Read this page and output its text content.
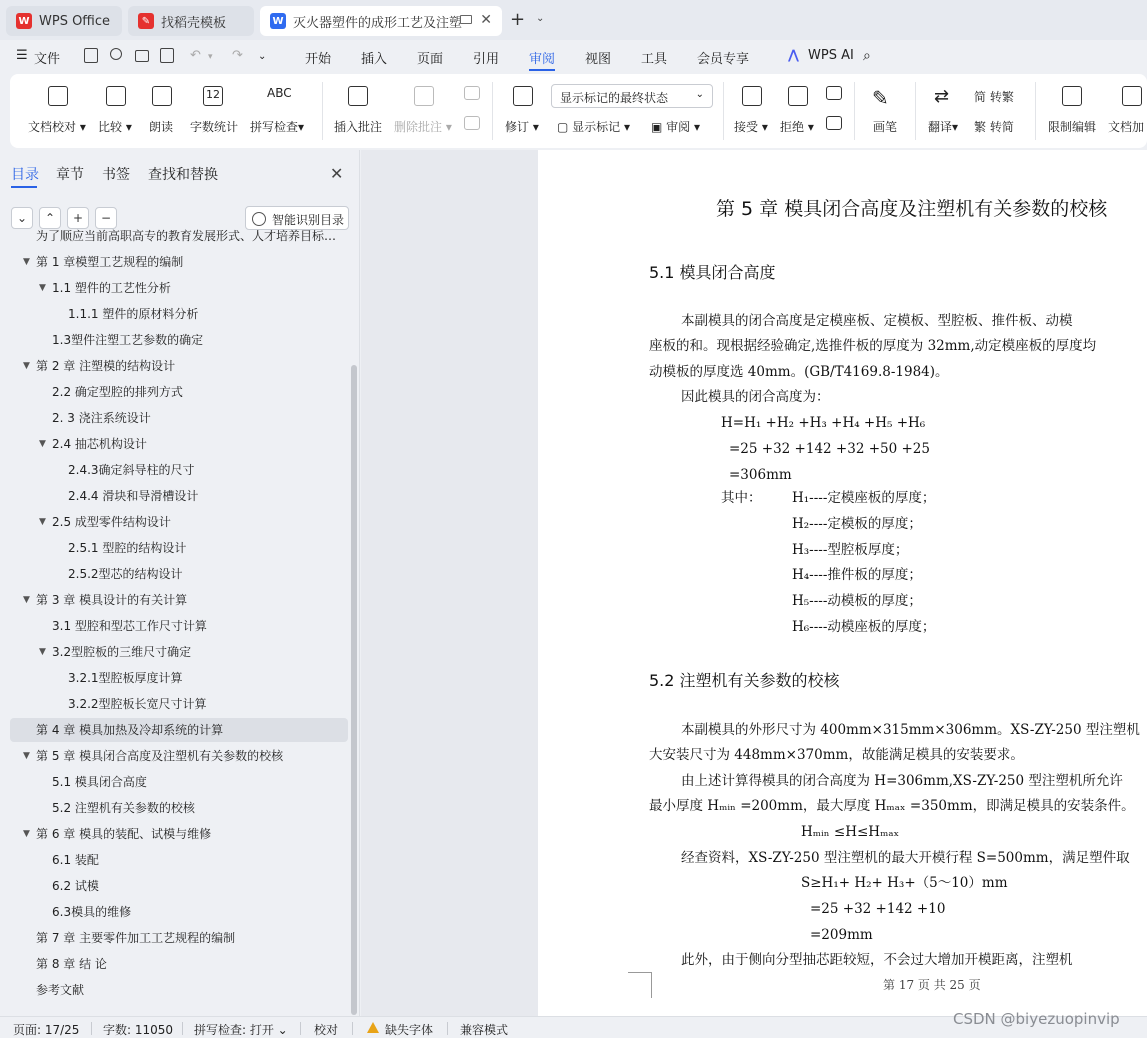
W WPS Office	✎ 找稻壳模板	W 灭火器塑件的成形工艺及注塑 ✕ + ⌄
☰ 文件	↶ ▾ ↷ ⌄	开始 插入 页面 引用 审阅 视图 工具 会员专享	⋀ WPS AI ⌕
文档校对 ▾ 比较 ▾ 朗读
12
字数统计
ABC
拼写检查▾ 插入批注 删除批注 ▾	修订 ▾
显示标记的最终状态	⌄
▢ 显示标记 ▾ ▣ 审阅 ▾	接受 ▾ 拒绝 ▾
✎
画笔
⇄
翻译▾
简 转繁
繁 转简	限制编辑 文档加
目录 章节 书签 查找和替换	✕
⌄	⌃	+	−	智能识别目录
为了顺应当前高职高专的教育发展形式、人才培养目标…
▼ 第 1 章模塑工艺规程的编制
▼ 1.1 塑件的工艺性分析
1.1.1 塑件的原材料分析
1.3塑件注塑工艺参数的确定
▼ 第 2 章 注塑模的结构设计
2.2 确定型腔的排列方式
2. 3 浇注系统设计
▼ 2.4 抽芯机构设计
2.4.3确定斜导柱的尺寸
2.4.4 滑块和导滑槽设计
▼ 2.5 成型零件结构设计
2.5.1 型腔的结构设计
2.5.2型芯的结构设计
▼ 第 3 章 模具设计的有关计算
3.1 型腔和型芯工作尺寸计算
▼ 3.2型腔板的三维尺寸确定
3.2.1型腔板厚度计算
3.2.2型腔板长宽尺寸计算
第 4 章 模具加热及冷却系统的计算
▼ 第 5 章 模具闭合高度及注塑机有关参数的校核
5.1 模具闭合高度
5.2 注塑机有关参数的校核
▼ 第 6 章 模具的装配、试模与维修
6.1 装配
6.2 试模
6.3模具的维修
第 7 章 主要零件加工工艺规程的编制
第 8 章 结 论
参考文献
第 5 章 模具闭合高度及注塑机有关参数的校核
5.1 模具闭合高度
本副模具的闭合高度是定模座板、定模板、型腔板、推件板、动模
座板的和。现根据经验确定,选推件板的厚度为 32mm,动定模座板的厚度均
动模板的厚度选 40mm。(GB/T4169.8-1984)。
因此模具的闭合高度为：
H=H₁ +H₂ +H₃ +H₄ +H₅ +H₆
=25 +32 +142 +32 +50 +25
=306mm
其中： H₁----定模座板的厚度；
H₂----定模板的厚度；
H₃----型腔板厚度；
H₄----推件板的厚度；
H₅----动模板的厚度；
H₆----动模座板的厚度；
5.2 注塑机有关参数的校核
本副模具的外形尺寸为 400mm×315mm×306mm。XS-ZY-250 型注塑机
大安装尺寸为 448mm×370mm，故能满足模具的安装要求。
由上述计算得模具的闭合高度为 H=306mm,XS-ZY-250 型注塑机所允许
最小厚度 Hₘᵢₙ =200mm，最大厚度 Hₘₐₓ =350mm，即满足模具的安装条件。
Hₘᵢₙ ≤H≤Hₘₐₓ
经查资料，XS-ZY-250 型注塑机的最大开模行程 S=500mm，满足塑件取
S≥H₁+ H₂+ H₃+（5～10）mm
=25 +32 +142 +10
=209mm
此外，由于侧向分型抽芯距较短，不会过大增加开模距离，注塑机
第 17 页 共 25 页
页面: 17/25 字数: 11050 拼写检查: 打开 ⌄ 校对	缺失字体 兼容模式
CSDN @biyezuopinvip
